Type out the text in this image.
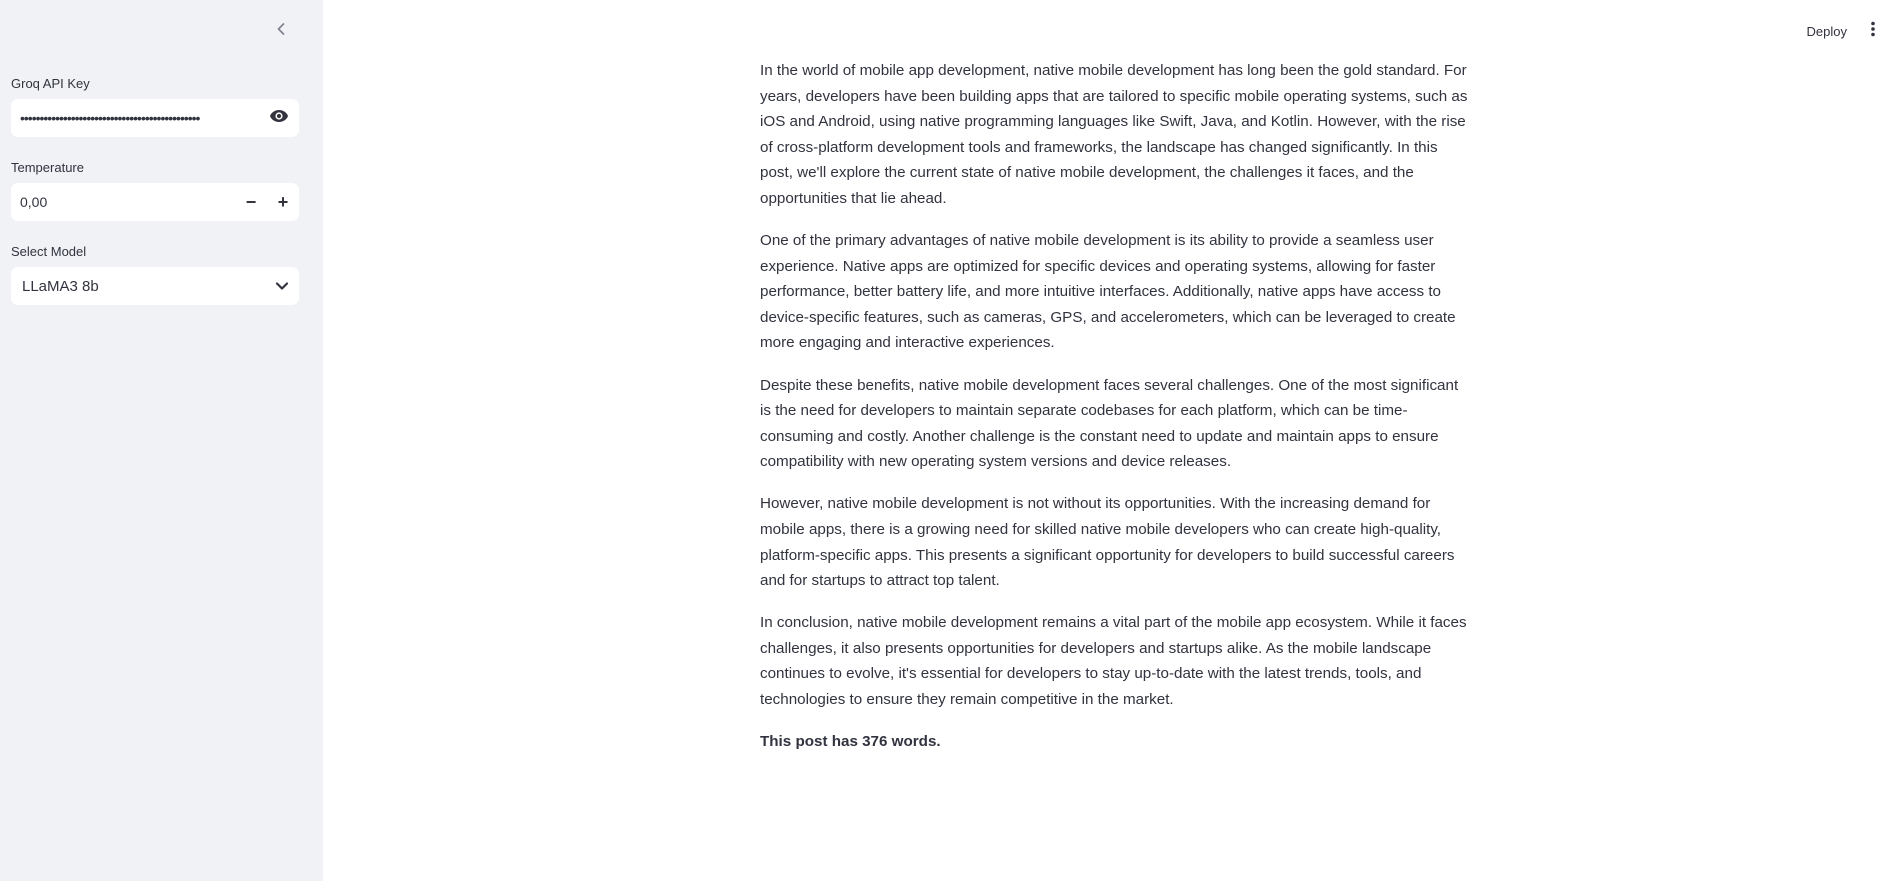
Groq API Key
••••••••••••••••••••••••••••••••••••••••••••••
Temperature
0,00
−	+
Select Model
LLaMA3 8b
Deploy

In the world of mobile app development, native mobile development has long been the gold standard. For years, developers have been building apps that are tailored to specific mobile operating systems, such as iOS and Android, using native programming languages like Swift, Java, and Kotlin. However, with the rise of cross-platform development tools and frameworks, the landscape has changed significantly. In this post, we'll explore the current state of native mobile development, the challenges it faces, and the opportunities that lie ahead.

One of the primary advantages of native mobile development is its ability to provide a seamless user experience. Native apps are optimized for specific devices and operating systems, allowing for faster performance, better battery life, and more intuitive interfaces. Additionally, native apps have access to device-specific features, such as cameras, GPS, and accelerometers, which can be leveraged to create more engaging and interactive experiences.

Despite these benefits, native mobile development faces several challenges. One of the most significant is the need for developers to maintain separate codebases for each platform, which can be time-consuming and costly. Another challenge is the constant need to update and maintain apps to ensure compatibility with new operating system versions and device releases.

However, native mobile development is not without its opportunities. With the increasing demand for mobile apps, there is a growing need for skilled native mobile developers who can create high-quality, platform-specific apps. This presents a significant opportunity for developers to build successful careers and for startups to attract top talent.

In conclusion, native mobile development remains a vital part of the mobile app ecosystem. While it faces challenges, it also presents opportunities for developers and startups alike. As the mobile landscape continues to evolve, it's essential for developers to stay up-to-date with the latest trends, tools, and technologies to ensure they remain competitive in the market.

This post has 376 words.
